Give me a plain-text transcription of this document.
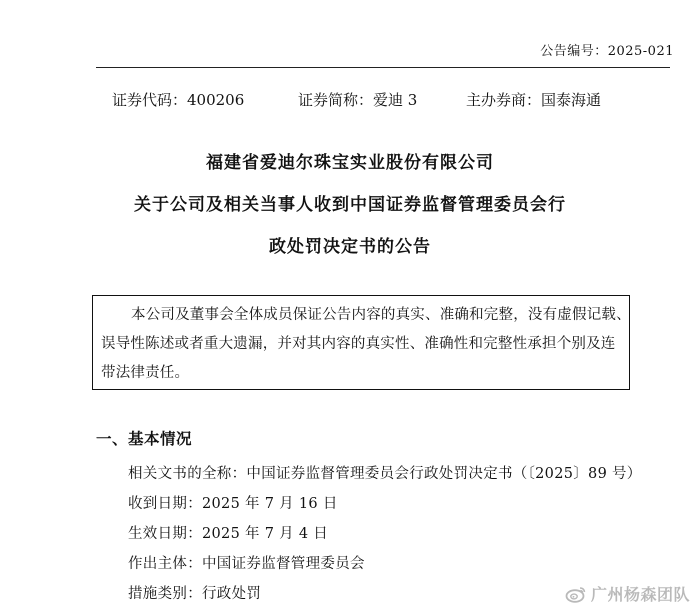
公告编号：2025-021
证券代码：400206	证券简称：爱迪 3	主办券商：国泰海通
福建省爱迪尔珠宝实业股份有限公司
关于公司及相关当事人收到中国证券监督管理委员会行
政处罚决定书的公告
本公司及董事会全体成员保证公告内容的真实、准确和完整，没有虚假记载、
误导性陈述或者重大遗漏，并对其内容的真实性、准确性和完整性承担个别及连
带法律责任。
一、基本情况
相关文书的全称：中国证券监督管理委员会行政处罚决定书（〔2025〕89 号）
收到日期：2025 年 7 月 16 日
生效日期：2025 年 7 月 4 日
作出主体：中国证券监督管理委员会
措施类别：行政处罚	广州杨森团队
